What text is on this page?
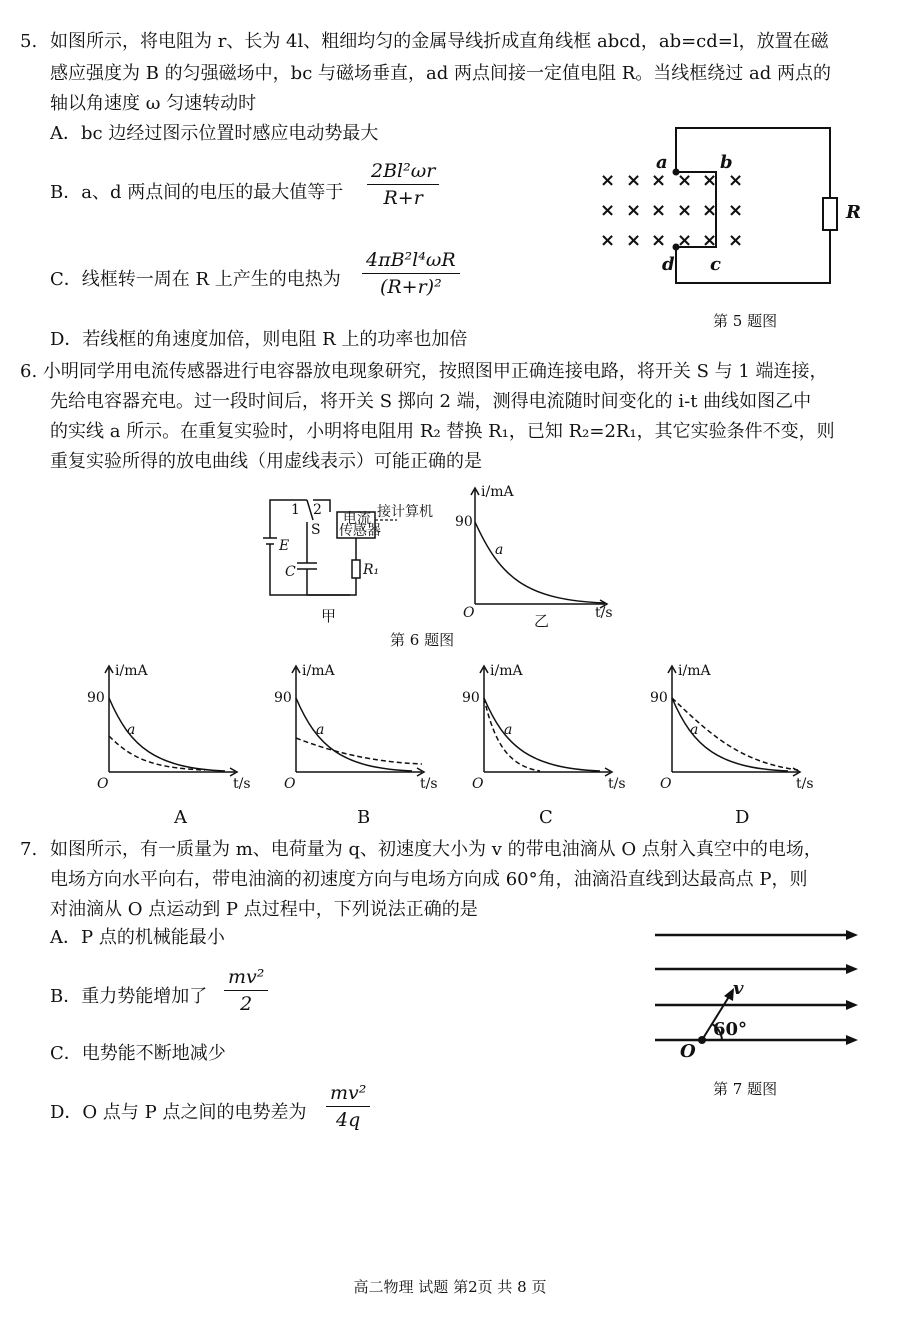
5. 如图所示，将电阻为 r、长为 4l、粗细均匀的金属导线折成直角线框 abcd，ab=cd=l，放置在磁
感应强度为 B 的匀强磁场中，bc 与磁场垂直，ad 两点间接一定值电阻 R。当线框绕过 ad 两点的
轴以角速度 ω 匀速转动时
A．bc 边经过图示位置时感应电动势最大
B．a、d 两点间的电压的最大值等于 $\frac{\text{2Bl²ωr}}{R+r}$
C．线框转一周在 R 上产生的电热为 $\frac{\text{4πB²l⁴ωR}}{\text{(R+r)²}}$
D．若线框的角速度加倍，则电阻 R 上的功率也加倍
× × × × × ×
× × × × × ×
× × × × × ×
a	b
c
d
R
第 5 题图
6. 小明同学用电流传感器进行电容器放电现象研究，按照图甲正确连接电路，将开关 S 与 1 端连接，
先给电容器充电。过一段时间后，将开关 S 掷向 2 端，测得电流随时间变化的 i-t 曲线如图乙中
的实线 a 所示。在重复实验时，小明将电阻用 R₂ 替换 R₁，已知 R₂=2R₁，其它实验条件不变，则
重复实验所得的放电曲线（用虚线表示）可能正确的是
1 2
S
电流
传感器
接计算机
E
C	R₁
甲
i/mA
t/s
O
90
a
乙
第 6 题图
i/mA
t/s
O
90
a
A
i/mA
t/s
O
90
a
B
i/mA
t/s
O
90
a
C
i/mA
t/s
O
90
a
D
7. 如图所示，有一质量为 m、电荷量为 q、初速度大小为 v 的带电油滴从 O 点射入真空中的电场，
电场方向水平向右，带电油滴的初速度方向与电场方向成 60°角，油滴沿直线到达最高点 P，则
对油滴从 O 点运动到 P 点过程中，下列说法正确的是
A．P 点的机械能最小
B．重力势能增加了 $\frac{\text{mv²}}{2}$
C．电势能不断地减少
D．O 点与 P 点之间的电势差为 $\frac{\text{mv²}}{4q}$
v
60°
O
第 7 题图
高二物理 试题 第2页 共 8 页
